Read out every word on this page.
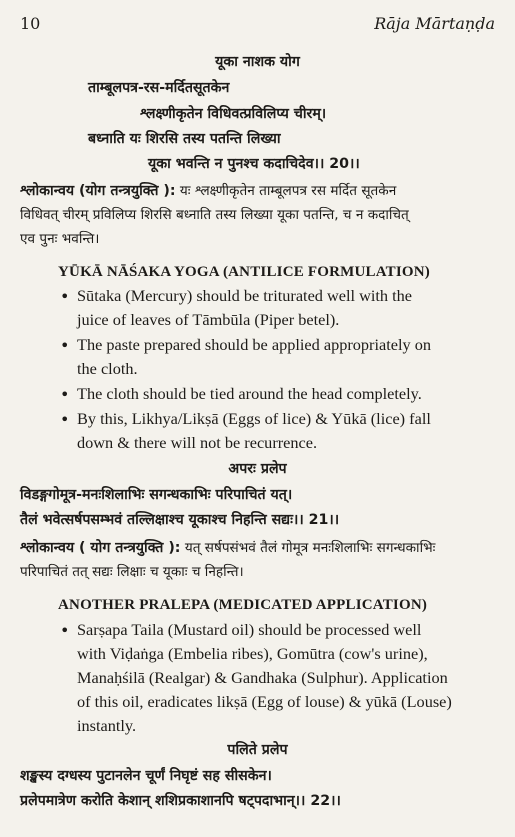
10	Rāja Mārtaṇḍa
यूका नाशक योग
ताम्बूलपत्र-रस-मर्दितसूतकेन
श्लक्ष्णीकृतेन विधिवत्प्रविलिप्य चीरम्।
बध्नाति यः शिरसि तस्य पतन्ति लिख्या
यूका भवन्ति न पुनश्च कदाचिदेव।। 20।।
श्लोकान्वय (योग तन्त्रयुक्ति ): यः श्लक्ष्णीकृतेन ताम्बूलपत्र रस मर्दित सूतकेन
विधिवत् चीरम् प्रविलिप्य शिरसि बध्नाति तस्य लिख्या यूका पतन्ति, च न कदाचित्
एव पुनः भवन्ति।
YŪKĀ NĀŚAKA YOGA (ANTILICE FORMULATION)
• Sūtaka (Mercury) should be triturated well with the
juice of leaves of Tāmbūla (Piper betel).
• The paste prepared should be applied appropriately on
the cloth.
• The cloth should be tied around the head completely.
• By this, Likhya/Likṣā (Eggs of lice) & Yūkā (lice) fall
down & there will not be recurrence.
अपरः प्रलेप
विडङ्गगोमूत्र-मनःशिलाभिः सगन्धकाभिः परिपाचितं यत्।
तैलं भवेत्सर्षपसम्भवं तल्लिक्षाश्च यूकाश्च निहन्ति सद्यः।। 21।।
श्लोकान्वय ( योग तन्त्रयुक्ति ): यत् सर्षपसंभवं तैलं गोमूत्र मनःशिलाभिः सगन्धकाभिः
परिपाचितं तत् सद्यः लिक्षाः च यूकाः च निहन्ति।
ANOTHER PRALEPA (MEDICATED APPLICATION)
• Sarṣapa Taila (Mustard oil) should be processed well
with Viḍaṅga (Embelia ribes), Gomūtra (cow's urine),
Manaḥśilā (Realgar) & Gandhaka (Sulphur). Application
of this oil, eradicates likṣā (Egg of louse) & yūkā (Louse)
instantly.
पलिते प्रलेप
शङ्खस्य दग्धस्य पुटानलेन चूर्णं निघृष्टं सह सीसकेन।
प्रलेपमात्रेण करोति केशान् शशिप्रकाशानपि षट्पदाभान्।। 22।।
